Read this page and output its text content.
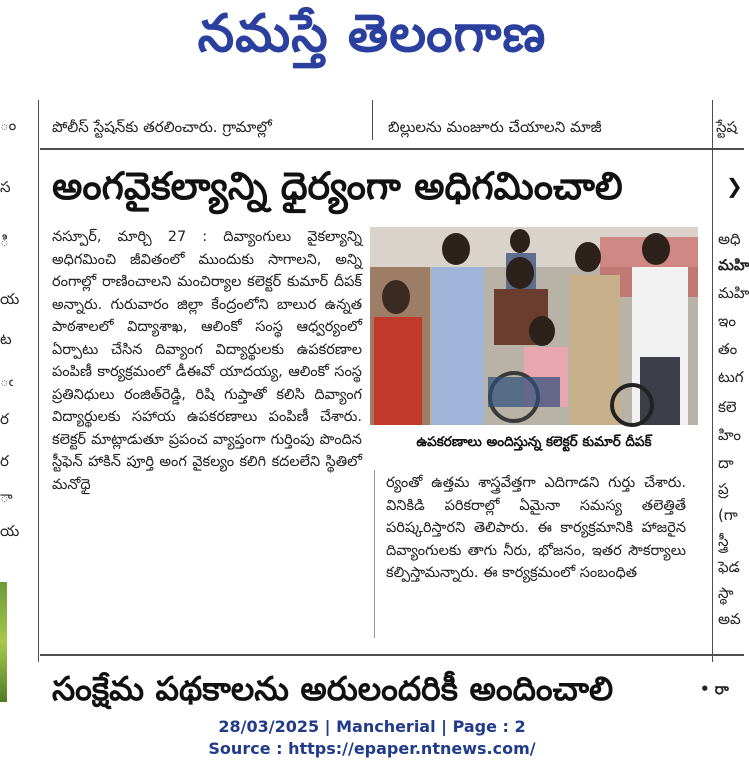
నమస్తే తెలంగాణ
పోలీస్ స్టేషన్‌కు తరలించారు. గ్రామాల్లో	బిల్లులను మంజూరు చేయాలని మాజీ	స్టేష
ం
స
ి
య
ట
ఁ
ర
ర
ా
య
అంగవైకల్యాన్ని ధైర్యంగా అధిగమించాలి	❯

నస్పూర్, మార్చి 27 : దివ్యాంగులు వైకల్యాన్ని అధిగమించి జీవితంలో ముందుకు సాగాలని, అన్ని రంగాల్లో రాణించాలని మంచిర్యాల కలెక్టర్ కుమార్ దీపక్ అన్నారు. గురువారం జిల్లా కేంద్రంలోని బాలుర ఉన్నత పాఠశాలలో విద్యాశాఖ, ఆలింకో సంస్థ ఆధ్వర్యంలో ఏర్పాటు చేసిన దివ్యాంగ విద్యార్థులకు ఉపకరణాల పంపిణీ కార్యక్రమంలో డీఈవో యాదయ్య, ఆలింకో సంస్థ ప్రతినిధులు రంజిత్‌రెడ్డి, రిషి గుప్తాతో కలిసి దివ్యాంగ విద్యార్థులకు సహాయ ఉపకరణాలు పంపిణీ చేశారు. కలెక్టర్ మాట్లాడుతూ ప్రపంచ వ్యాప్తంగా గుర్తింపు పొందిన స్టీఫెన్ హాకిన్ పూర్తి అంగ వైకల్యం కలిగి కదలలేని స్థితిలో మనోధై

ఉపకరణాలు అందిస్తున్న కలెక్టర్ కుమార్ దీపక్

ర్యంతో ఉత్తమ శాస్త్రవేత్తగా ఎదిగాడని గుర్తు చేశారు. వినికిడి పరికరాల్లో ఏమైనా సమస్య తలెత్తితే పరిష్కరిస్తారని తెలిపారు. ఈ కార్యక్రమానికి హాజరైన దివ్యాంగులకు తాగు నీరు, భోజనం, ఇతర సౌకర్యాలు కల్పిస్తామన్నారు. ఈ కార్యక్రమంలో సంబంధిత

అధి
మహి
మహి
ఇం
తం
టుగ
కలె
హిం
దా
ప్ర
(గా
స్త్రీ
ఫెడ
స్థా
అవ
సంక్షేమ పథకాలను అరులందరికీ అందించాలి	• రా
28/03/2025 | Mancherial | Page : 2
Source : https://epaper.ntnews.com/
